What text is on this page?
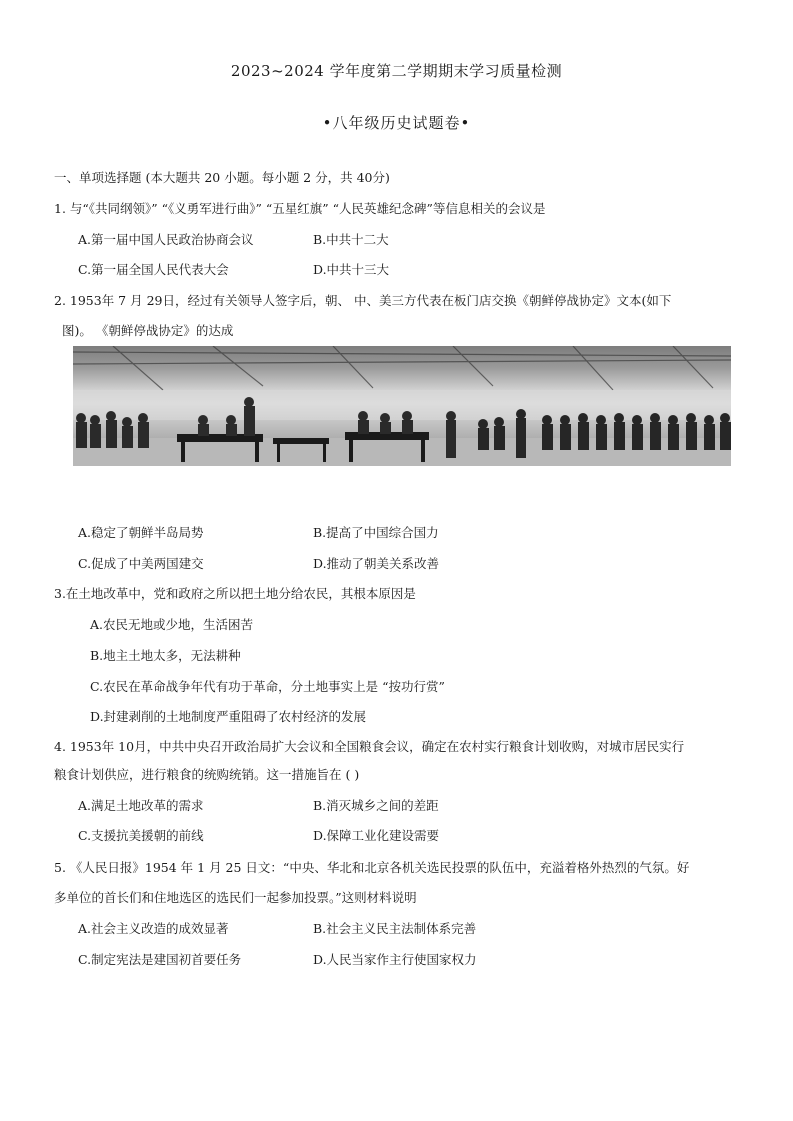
2023~2024 学年度第二学期期末学习质量检测
•八年级历史试题卷•
一、单项选择题 (本大题共 20 小题。每小题 2 分，共 40分)
1. 与“《共同纲领》” “《义勇军进行曲》” “五星红旗” “人民英雄纪念碑”等信息相关的会议是
A.第一届中国人民政治协商会议	B.中共十二大
C.第一届全国人民代表大会	D.中共十三大
2. 1953年 7 月 29日，经过有关领导人签字后，朝、 中、美三方代表在板门店交换《朝鲜停战协定》文本(如下
图)。 《朝鲜停战协定》的达成
A.稳定了朝鲜半岛局势	B.提高了中国综合国力
C.促成了中美两国建交	D.推动了朝美关系改善
3.在土地改革中，党和政府之所以把土地分给农民，其根本原因是
A.农民无地或少地，生活困苦
B.地主土地太多，无法耕种
C.农民在革命战争年代有功于革命，分土地事实上是 “按功行赏”
D.封建剥削的土地制度严重阻碍了农村经济的发展
4. 1953年 10月，中共中央召开政治局扩大会议和全国粮食会议，确定在农村实行粮食计划收购，对城市居民实行
粮食计划供应，进行粮食的统购统销。这一措施旨在 ( )
A.满足土地改革的需求	B.消灭城乡之间的差距
C.支援抗美援朝的前线	D.保障工业化建设需要
5. 《人民日报》1954 年 1 月 25 日文：“中央、华北和北京各机关选民投票的队伍中，充溢着格外热烈的气氛。好
多单位的首长们和住地选区的选民们一起参加投票。”这则材料说明
A.社会主义改造的成效显著	B.社会主义民主法制体系完善
C.制定宪法是建国初首要任务	D.人民当家作主行使国家权力
